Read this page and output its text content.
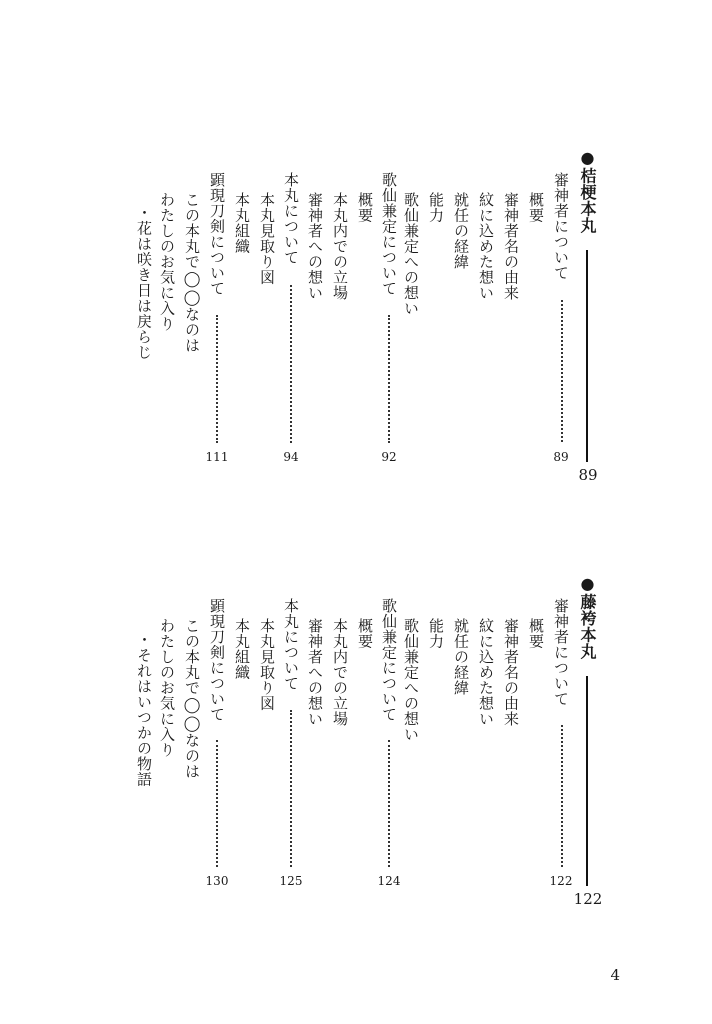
●桔梗本丸
89
審神者について
89
概要
審神者名の由来
紋に込めた想い
就任の経緯
能力
歌仙兼定への想い
歌仙兼定について
92
概要
本丸内での立場
審神者への想い
本丸について
94
本丸見取り図
本丸組織
顕現刀剣について
111
この本丸で◯◯なのは
わたしのお気に入り
・花は咲き日は戻らじ
●藤袴本丸
122
審神者について
122
概要
審神者名の由来
紋に込めた想い
就任の経緯
能力
歌仙兼定への想い
歌仙兼定について
124
概要
本丸内での立場
審神者への想い
本丸について
125
本丸見取り図
本丸組織
顕現刀剣について
130
この本丸で◯◯なのは
わたしのお気に入り
・それはいつかの物語
4
